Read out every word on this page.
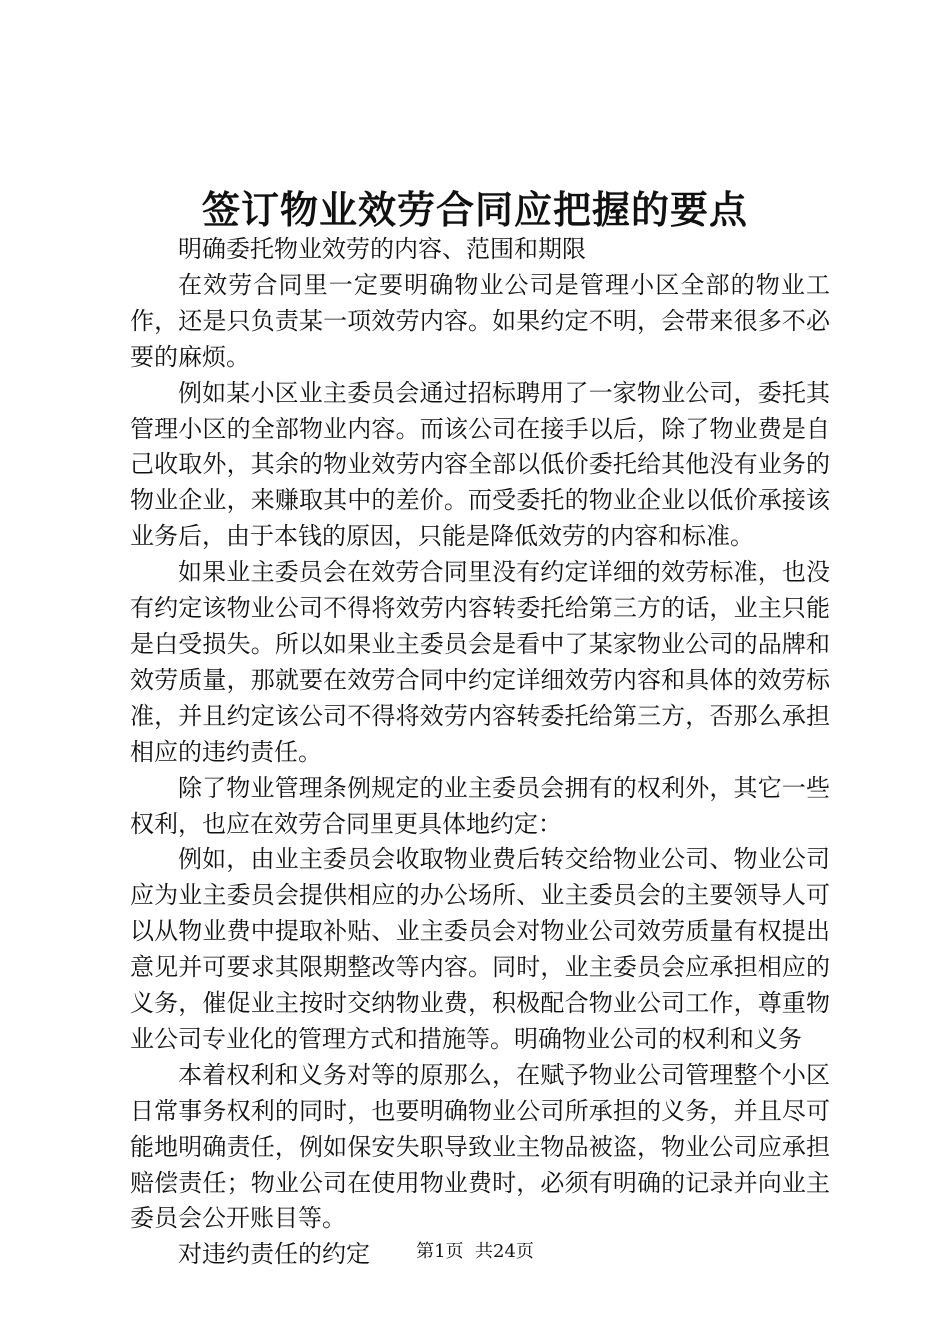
签订物业效劳合同应把握的要点

明确委托物业效劳的内容、范围和期限

在效劳合同里一定要明确物业公司是管理小区全部的物业工作，还是只负责某一项效劳内容。如果约定不明，会带来很多不必要的麻烦。

例如某小区业主委员会通过招标聘用了一家物业公司，委托其管理小区的全部物业内容。而该公司在接手以后，除了物业费是自己收取外，其余的物业效劳内容全部以低价委托给其他没有业务的物业企业，来赚取其中的差价。而受委托的物业企业以低价承接该业务后，由于本钱的原因，只能是降低效劳的内容和标准。

如果业主委员会在效劳合同里没有约定详细的效劳标准，也没有约定该物业公司不得将效劳内容转委托给第三方的话，业主只能是白受损失。所以如果业主委员会是看中了某家物业公司的品牌和效劳质量，那就要在效劳合同中约定详细效劳内容和具体的效劳标准，并且约定该公司不得将效劳内容转委托给第三方，否那么承担相应的违约责任。

除了物业管理条例规定的业主委员会拥有的权利外，其它一些权利，也应在效劳合同里更具体地约定：

例如，由业主委员会收取物业费后转交给物业公司、物业公司应为业主委员会提供相应的办公场所、业主委员会的主要领导人可以从物业费中提取补贴、业主委员会对物业公司效劳质量有权提出意见并可要求其限期整改等内容。同时，业主委员会应承担相应的义务，催促业主按时交纳物业费，积极配合物业公司工作，尊重物业公司专业化的管理方式和措施等。明确物业公司的权利和义务

本着权利和义务对等的原那么，在赋予物业公司管理整个小区日常事务权利的同时，也要明确物业公司所承担的义务，并且尽可能地明确责任，例如保安失职导致业主物品被盗，物业公司应承担赔偿责任；物业公司在使用物业费时，必须有明确的记录并向业主委员会公开账目等。

对违约责任的约定	第1页 共24页
